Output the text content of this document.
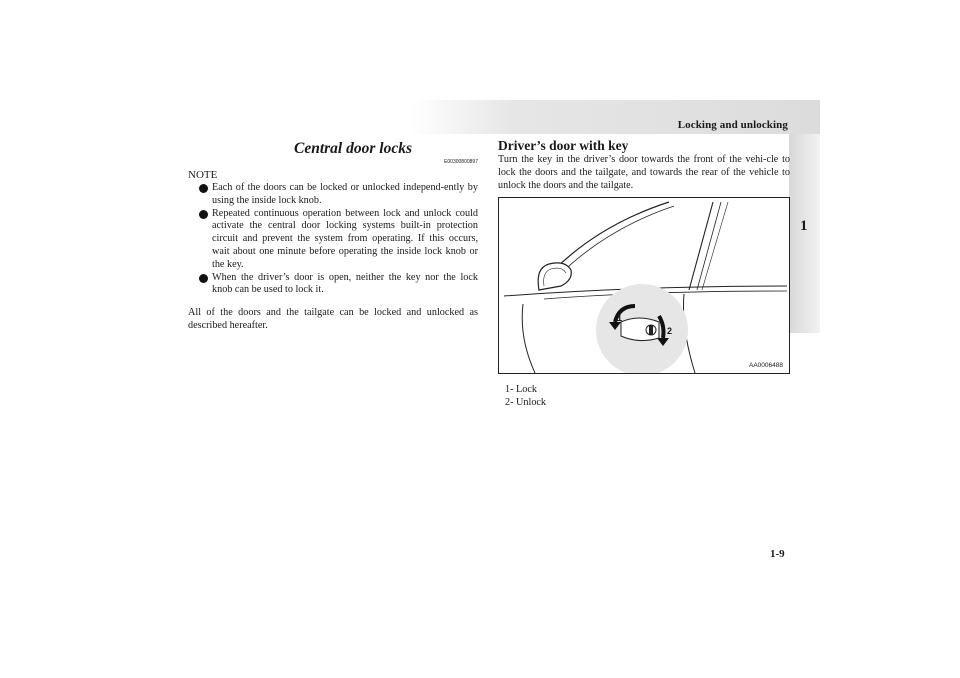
Locking and unlocking
1
Central door locks
E00300800897
NOTE
Each of the doors can be locked or unlocked independ-ently by using the inside lock knob.
Repeated continuous operation between lock and unlock could activate the central door locking systems built-in protection circuit and prevent the system from operating. If this occurs, wait about one minute before operating the inside lock knob or the key.
When the driver’s door is open, neither the key nor the lock knob can be used to lock it.
All of the doors and the tailgate can be locked and unlocked as described hereafter.
Driver’s door with key

Turn the key in the driver’s door towards the front of the vehi-cle to lock the doors and the tailgate, and towards the rear of the vehicle to unlock the doors and the tailgate.

1
2
AA0006488
1- Lock
2- Unlock
1-9
